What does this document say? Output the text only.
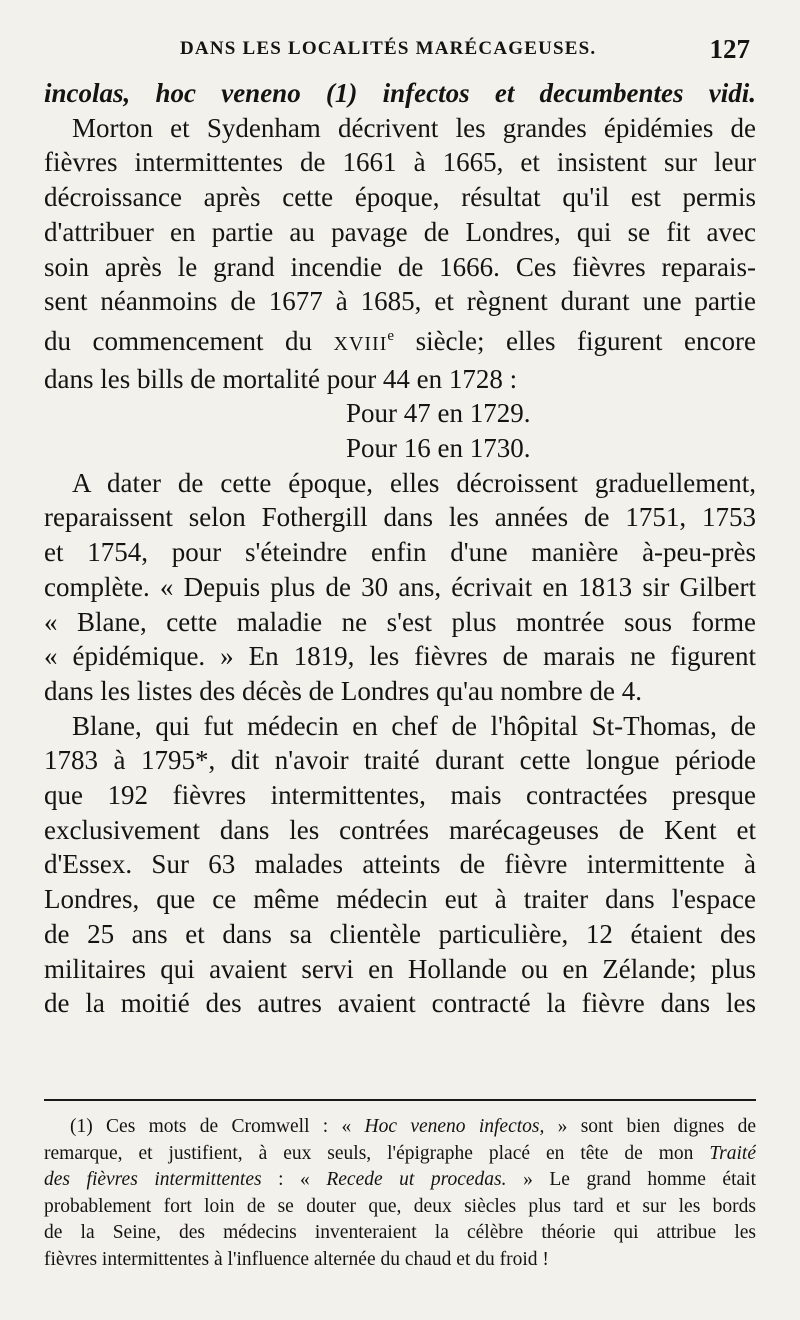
DANS LES LOCALITÉS MARÉCAGEUSES.	127
incolas, hoc veneno (1) infectos et decumbentes vidi.
Morton et Sydenham décrivent les grandes épidémies de
fièvres intermittentes de 1661 à 1665, et insistent sur leur
décroissance après cette époque, résultat qu'il est permis
d'attribuer en partie au pavage de Londres, qui se fit avec
soin après le grand incendie de 1666. Ces fièvres reparais-
sent néanmoins de 1677 à 1685, et règnent durant une partie
du commencement du XVIIIe siècle; elles figurent encore
dans les bills de mortalité pour 44 en 1728 :
Pour 47 en 1729.
Pour 16 en 1730.
A dater de cette époque, elles décroissent graduellement,
reparaissent selon Fothergill dans les années de 1751, 1753
et 1754, pour s'éteindre enfin d'une manière à-peu-près
complète. « Depuis plus de 30 ans, écrivait en 1813 sir Gilbert
« Blane, cette maladie ne s'est plus montrée sous forme
« épidémique. » En 1819, les fièvres de marais ne figurent
dans les listes des décès de Londres qu'au nombre de 4.
Blane, qui fut médecin en chef de l'hôpital St-Thomas, de
1783 à 1795*, dit n'avoir traité durant cette longue période
que 192 fièvres intermittentes, mais contractées presque
exclusivement dans les contrées marécageuses de Kent et
d'Essex. Sur 63 malades atteints de fièvre intermittente à
Londres, que ce même médecin eut à traiter dans l'espace
de 25 ans et dans sa clientèle particulière, 12 étaient des
militaires qui avaient servi en Hollande ou en Zélande; plus
de la moitié des autres avaient contracté la fièvre dans les
(1) Ces mots de Cromwell : « Hoc veneno infectos, » sont bien dignes de
remarque, et justifient, à eux seuls, l'épigraphe placé en tête de mon Traité
des fièvres intermittentes : « Recede ut procedas. » Le grand homme était
probablement fort loin de se douter que, deux siècles plus tard et sur les bords
de la Seine, des médecins inventeraient la célèbre théorie qui attribue les
fièvres intermittentes à l'influence alternée du chaud et du froid !
